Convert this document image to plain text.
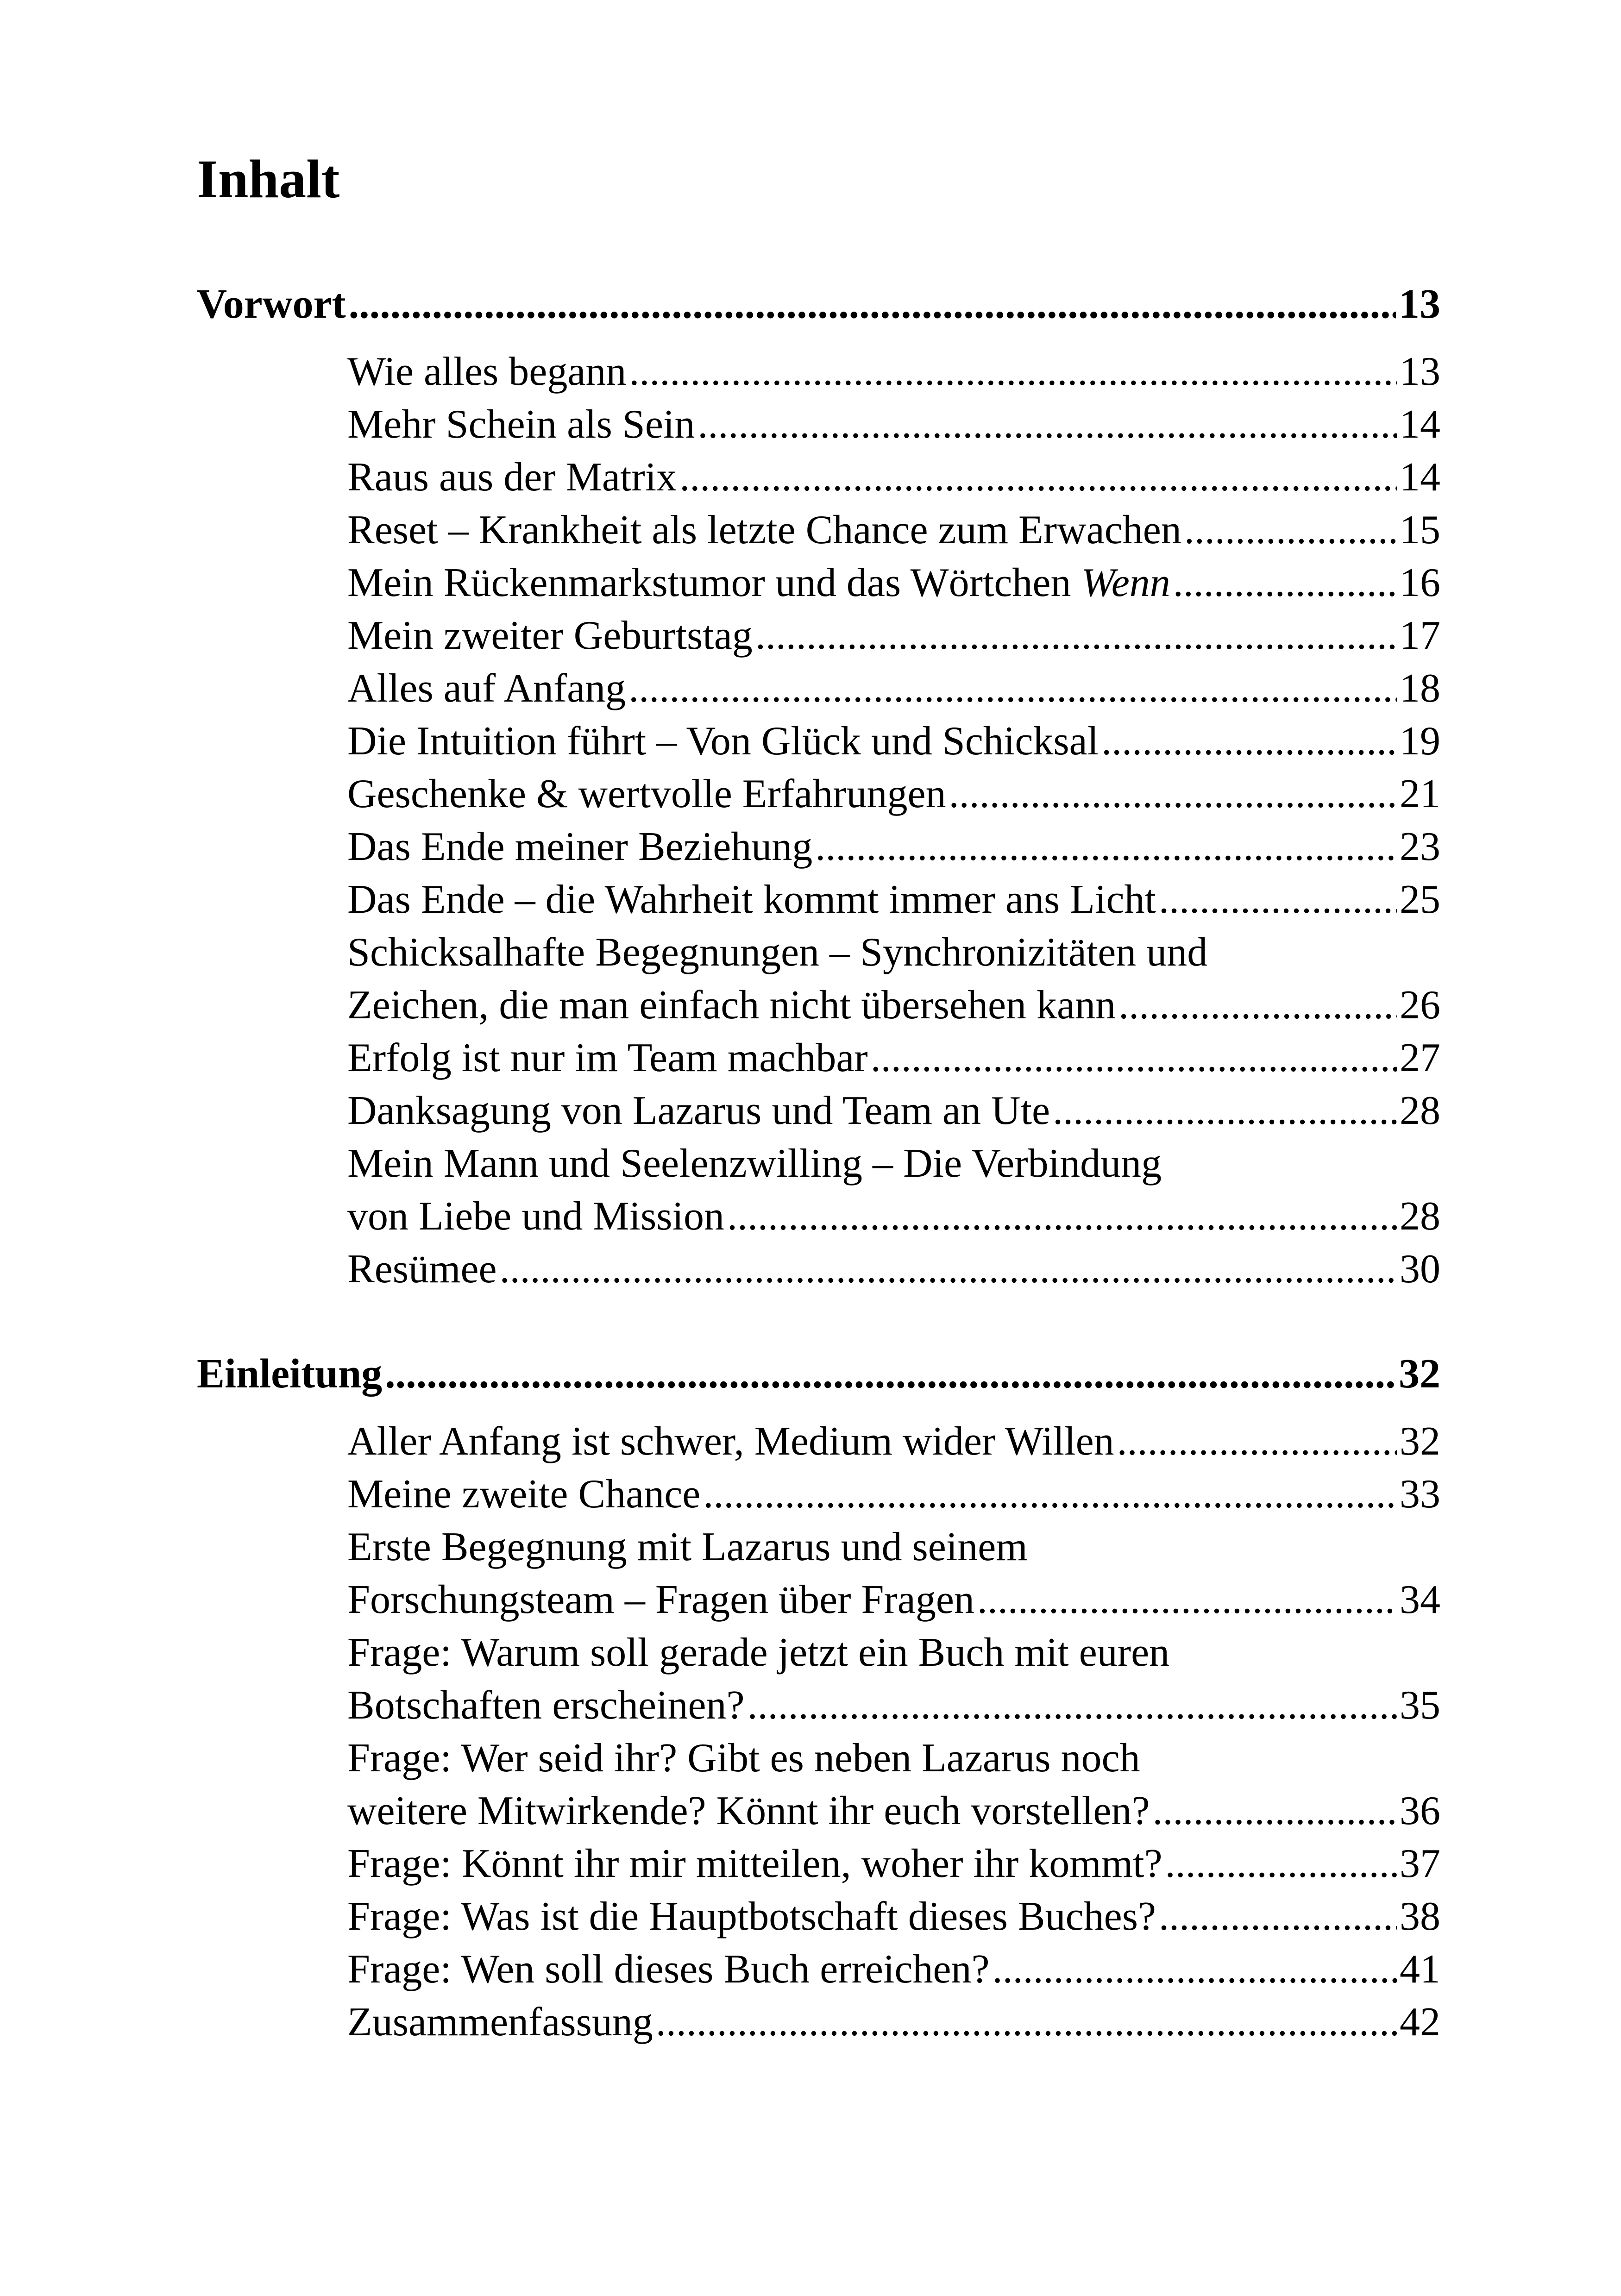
Inhalt
Vorwort .....	13
Wie alles begann .....	13
Mehr Schein als Sein .....	14
Raus aus der Matrix .....	14
Reset – Krankheit als letzte Chance zum Erwachen .....	15
Mein Rückenmarkstumor und das Wörtchen Wenn .....	16
Mein zweiter Geburtstag .....	17
Alles auf Anfang .....	18
Die Intuition führt – Von Glück und Schicksal .....	19
Geschenke & wertvolle Erfahrungen .....	21
Das Ende meiner Beziehung .....	23
Das Ende – die Wahrheit kommt immer ans Licht .....	25
Schicksalhafte Begegnungen – Synchronizitäten und
Zeichen, die man einfach nicht übersehen kann .....	26
Erfolg ist nur im Team machbar .....	27
Danksagung von Lazarus und Team an Ute .....	28
Mein Mann und Seelenzwilling – Die Verbindung
von Liebe und Mission .....	28
Resümee .....	30
Einleitung .....	32
Aller Anfang ist schwer, Medium wider Willen .....	32
Meine zweite Chance .....	33
Erste Begegnung mit Lazarus und seinem
Forschungsteam – Fragen über Fragen .....	34
Frage: Warum soll gerade jetzt ein Buch mit euren
Botschaften erscheinen? .....	35
Frage: Wer seid ihr? Gibt es neben Lazarus noch
weitere Mitwirkende? Könnt ihr euch vorstellen? .....	36
Frage: Könnt ihr mir mitteilen, woher ihr kommt? .....	37
Frage: Was ist die Hauptbotschaft dieses Buches? .....	38
Frage: Wen soll dieses Buch erreichen? .....	41
Zusammenfassung .....	42
